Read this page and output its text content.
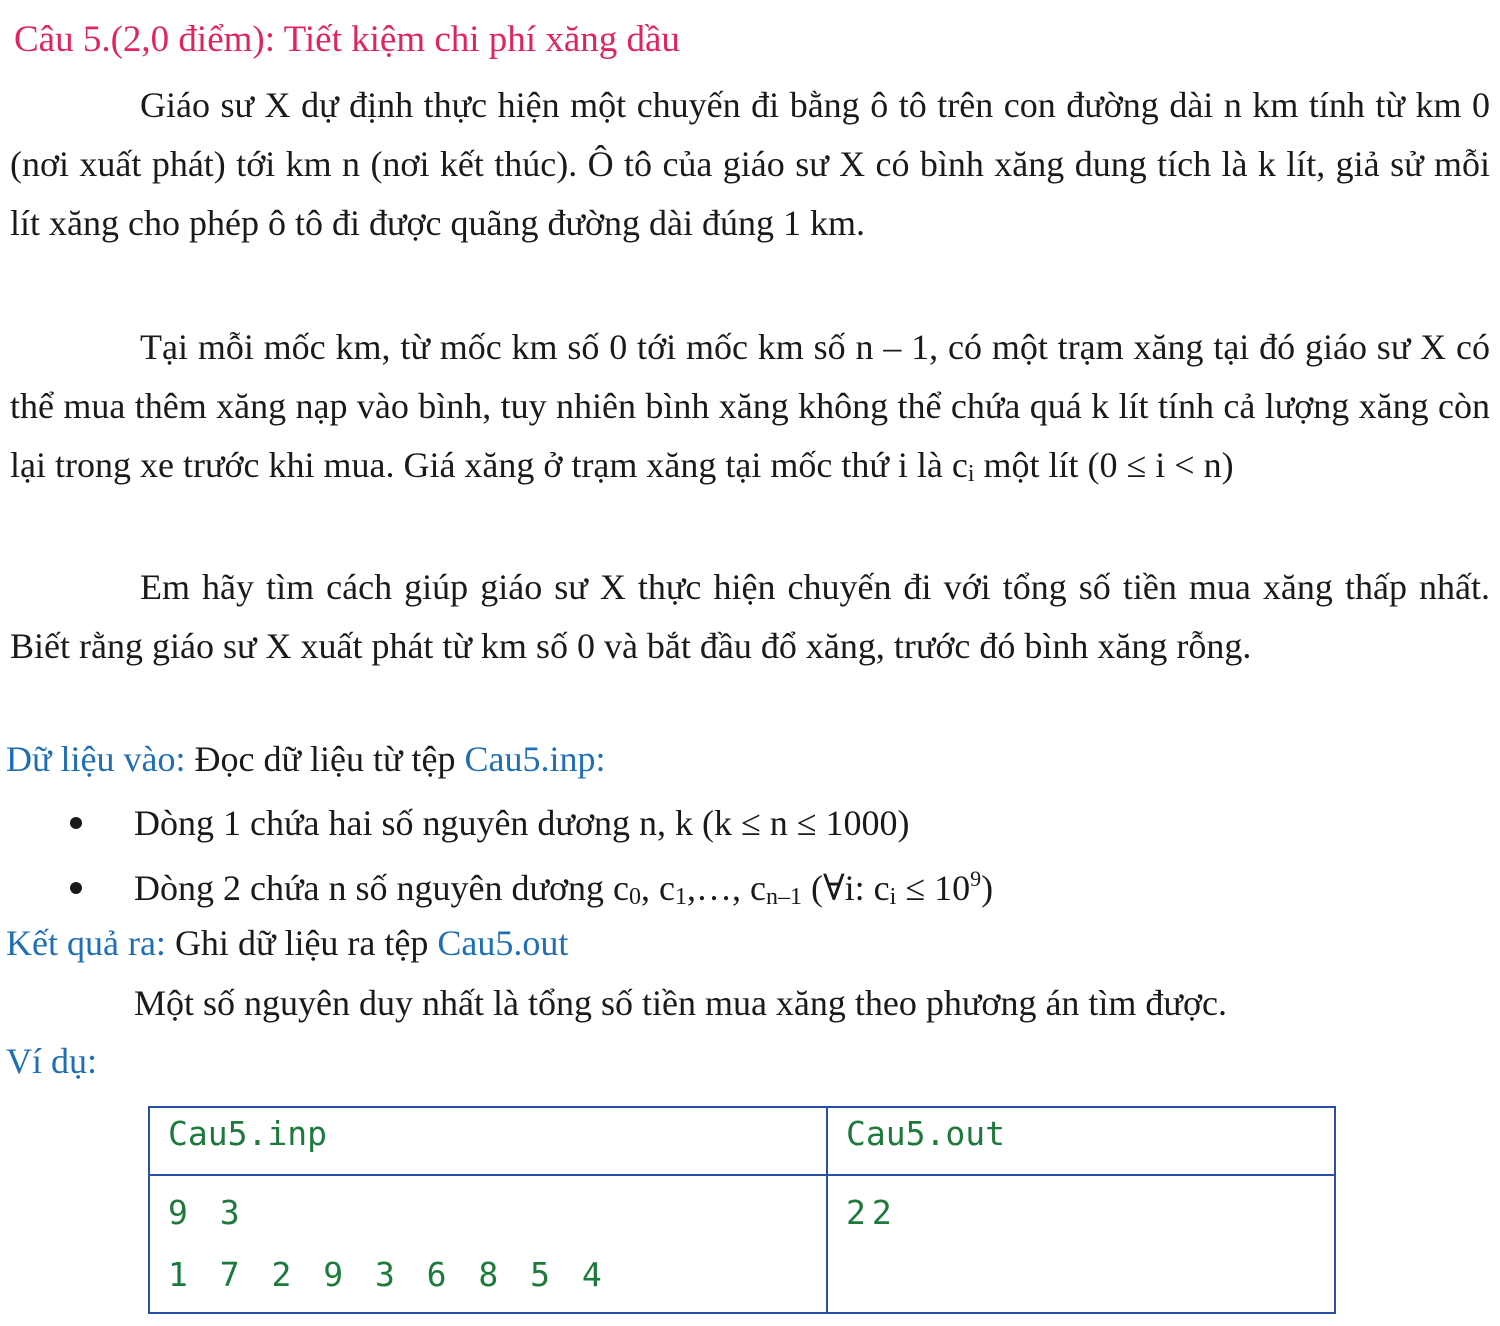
Câu 5.(2,0 điểm): Tiết kiệm chi phí xăng dầu

Giáo sư X dự định thực hiện một chuyến đi bằng ô tô trên con đường dài n km tính từ km 0 (nơi xuất phát) tới km n (nơi kết thúc). Ô tô của giáo sư X có bình xăng dung tích là k lít, giả sử mỗi lít xăng cho phép ô tô đi được quãng đường dài đúng 1 km.

Tại mỗi mốc km, từ mốc km số 0 tới mốc km số n – 1, có một trạm xăng tại đó giáo sư X có thể mua thêm xăng nạp vào bình, tuy nhiên bình xăng không thể chứa quá k lít tính cả lượng xăng còn lại trong xe trước khi mua. Giá xăng ở trạm xăng tại mốc thứ i là ci một lít (0 ≤ i < n)

Em hãy tìm cách giúp giáo sư X thực hiện chuyến đi với tổng số tiền mua xăng thấp nhất. Biết rằng giáo sư X xuất phát từ km số 0 và bắt đầu đổ xăng, trước đó bình xăng rỗng.

Dữ liệu vào: Đọc dữ liệu từ tệp Cau5.inp:
Dòng 1 chứa hai số nguyên dương n, k (k ≤ n ≤ 1000)
Dòng 2 chứa n số nguyên dương c0, c1,…, cn–1 (∀i: ci ≤ $10^9$)
Kết quả ra: Ghi dữ liệu ra tệp Cau5.out
Một số nguyên duy nhất là tổng số tiền mua xăng theo phương án tìm được.
Ví dụ:
Cau5.inp	Cau5.out

9 3
1 7 2 9 3 6 8 5 4	22
